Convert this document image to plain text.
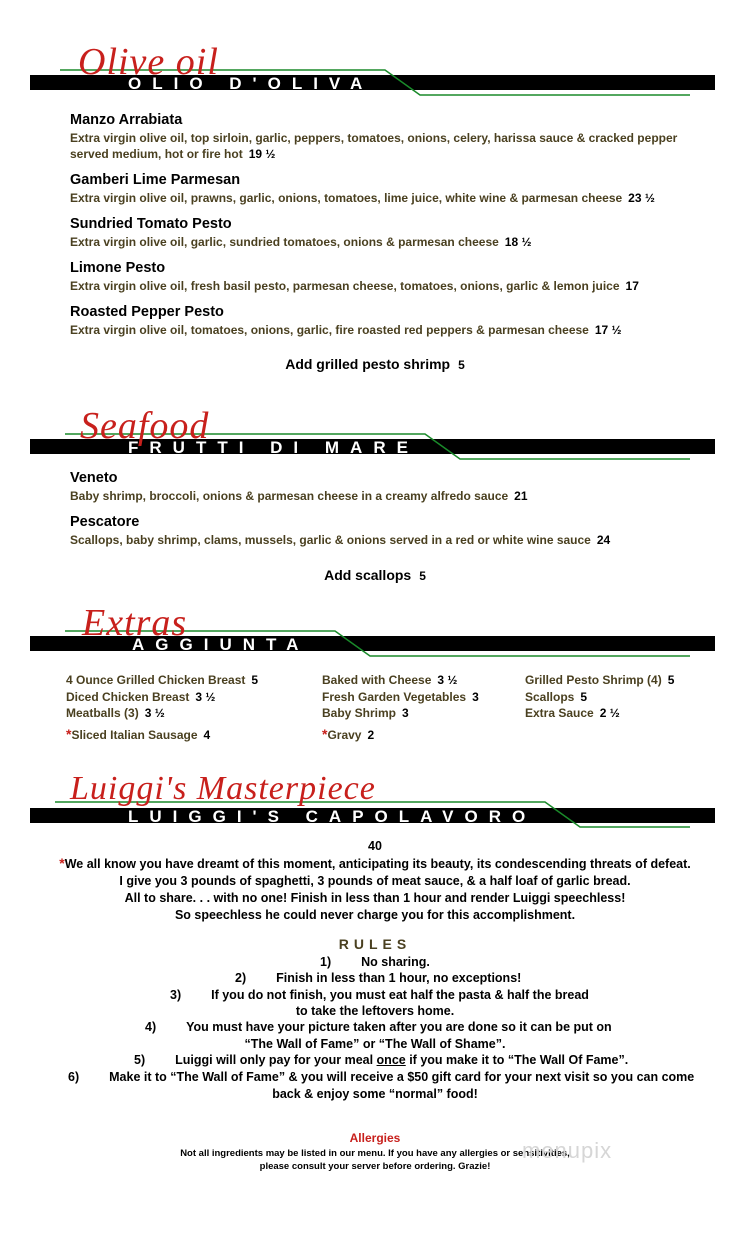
Olive oil
OLIO D'OLIVA

Manzo Arrabiata

Extra virgin olive oil, top sirloin, garlic, peppers, tomatoes, onions, celery, harissa sauce & cracked pepper served medium, hot or fire hot 19 ½

Gamberi Lime Parmesan

Extra virgin olive oil, prawns, garlic, onions, tomatoes, lime juice, white wine & parmesan cheese 23 ½

Sundried Tomato Pesto

Extra virgin olive oil, garlic, sundried tomatoes, onions & parmesan cheese 18 ½

Limone Pesto

Extra virgin olive oil, fresh basil pesto, parmesan cheese, tomatoes, onions, garlic & lemon juice 17

Roasted Pepper Pesto

Extra virgin olive oil, tomatoes, onions, garlic, fire roasted red peppers & parmesan cheese 17 ½

Add grilled pesto shrimp 5
Seafood
FRUTTI DI MARE

Veneto

Baby shrimp, broccoli, onions & parmesan cheese in a creamy alfredo sauce 21

Pescatore

Scallops, baby shrimp, clams, mussels, garlic & onions served in a red or white wine sauce 24

Add scallops 5
Extras
AGGIUNTA
4 Ounce Grilled Chicken Breast 5
Diced Chicken Breast 3 ½
Meatballs (3) 3 ½
*Sliced Italian Sausage 4
Baked with Cheese 3 ½
Fresh Garden Vegetables 3
Baby Shrimp 3
*Gravy 2
Grilled Pesto Shrimp (4) 5
Scallops 5
Extra Sauce 2 ½
Luiggi's Masterpiece
LUIGGI'S CAPOLAVORO
40
*We all know you have dreamt of this moment, anticipating its beauty, its condescending threats of defeat.
I give you 3 pounds of spaghetti, 3 pounds of meat sauce, & a half loaf of garlic bread.
All to share. . . with no one! Finish in less than 1 hour and render Luiggi speechless!
So speechless he could never charge you for this accomplishment.
RULES
1) No sharing.
2) Finish in less than 1 hour, no exceptions!
3) If you do not finish, you must eat half the pasta & half the bread
to take the leftovers home.
4) You must have your picture taken after you are done so it can be put on
“The Wall of Fame” or “The Wall of Shame”.
5) Luiggi will only pay for your meal once if you make it to “The Wall Of Fame”.
6) Make it to “The Wall of Fame” & you will receive a $50 gift card for your next visit so you can come
back & enjoy some “normal” food!
Allergies
Not all ingredients may be listed in our menu. If you have any allergies or sensitivities,
please consult your server before ordering. Grazie!
menupix
